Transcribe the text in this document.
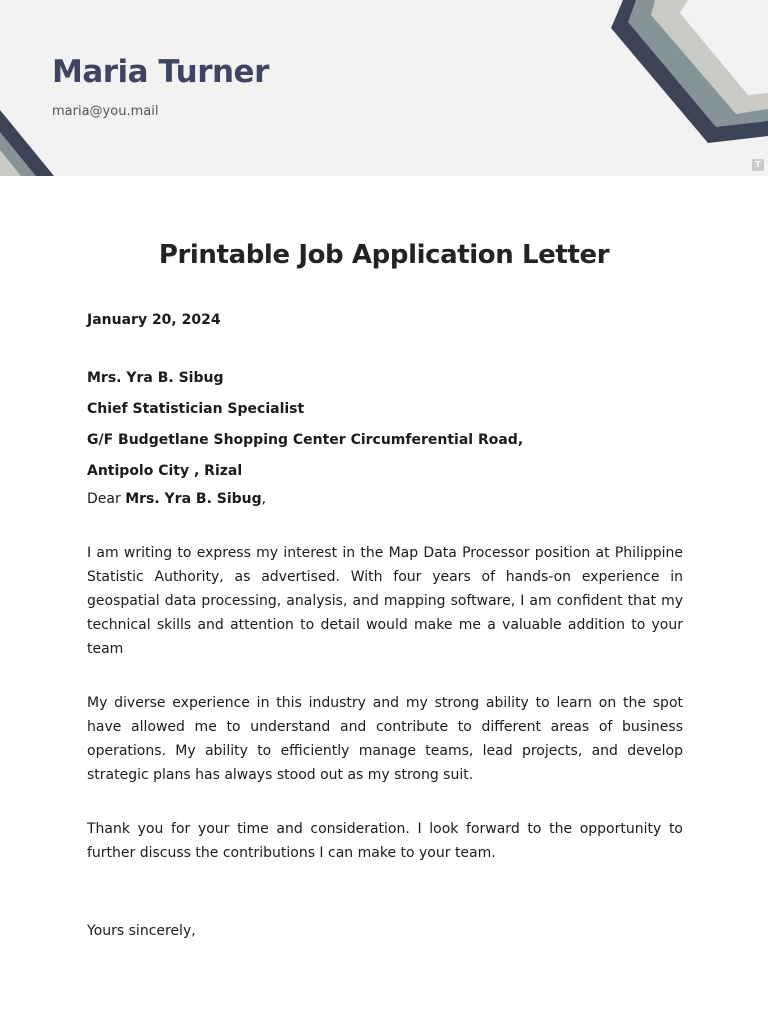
Maria Turner
maria@you.mail
T
Printable Job Application Letter

January 20, 2024

Mrs. Yra B. Sibug
Chief Statistician Specialist
G/F Budgetlane Shopping Center Circumferential Road,
Antipolo City , Rizal

Dear Mrs. Yra B. Sibug,

I am writing to express my interest in the Map Data Processor position at Philippine Statistic Authority, as advertised. With four years of hands-on experience in geospatial data processing, analysis, and mapping software, I am confident that my technical skills and attention to detail would make me a valuable addition to your team

My diverse experience in this industry and my strong ability to learn on the spot have allowed me to understand and contribute to different areas of business operations. My ability to efficiently manage teams, lead projects, and develop strategic plans has always stood out as my strong suit.

Thank you for your time and consideration. I look forward to the opportunity to further discuss the contributions I can make to your team.

Yours sincerely,
